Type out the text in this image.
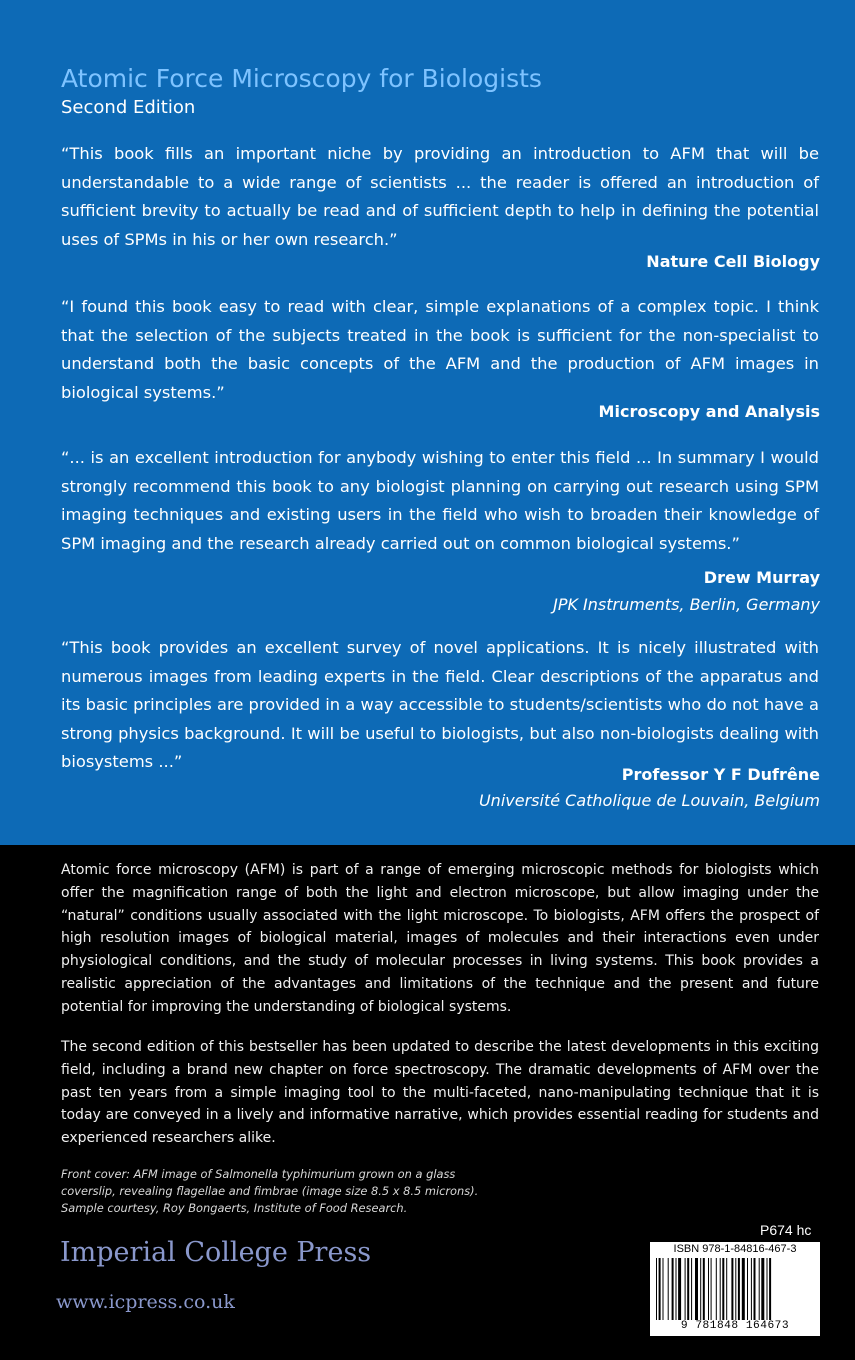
Atomic Force Microscopy for Biologists
Second Edition
“This book fills an important niche by providing an introduction to AFM that will be understandable to a wide range of scientists ... the reader is offered an introduction of sufficient brevity to actually be read and of sufficient depth to help in defining the potential uses of SPMs in his or her own research.”
Nature Cell Biology
“I found this book easy to read with clear, simple explanations of a complex topic. I think that the selection of the subjects treated in the book is sufficient for the non-specialist to understand both the basic concepts of the AFM and the production of AFM images in biological systems.”
Microscopy and Analysis
“... is an excellent introduction for anybody wishing to enter this field ... In summary I would strongly recommend this book to any biologist planning on carrying out research using SPM imaging techniques and existing users in the field who wish to broaden their knowledge of SPM imaging and the research already carried out on common biological systems.”
Drew Murray
JPK Instruments, Berlin, Germany
“This book provides an excellent survey of novel applications. It is nicely illustrated with numerous images from leading experts in the field. Clear descriptions of the apparatus and its basic principles are provided in a way accessible to students/scientists who do not have a strong physics background. It will be useful to biologists, but also non-biologists dealing with biosystems ...”
Professor Y F Dufrêne
Université Catholique de Louvain, Belgium
Atomic force microscopy (AFM) is part of a range of emerging microscopic methods for biologists which offer the magnification range of both the light and electron microscope, but allow imaging under the “natural” conditions usually associated with the light microscope. To biologists, AFM offers the prospect of high resolution images of biological material, images of molecules and their interactions even under physiological conditions, and the study of molecular processes in living systems. This book provides a realistic appreciation of the advantages and limitations of the technique and the present and future potential for improving the understanding of biological systems.
The second edition of this bestseller has been updated to describe the latest developments in this exciting field, including a brand new chapter on force spectroscopy. The dramatic developments of AFM over the past ten years from a simple imaging tool to the multi-faceted, nano-manipulating technique that it is today are conveyed in a lively and informative narrative, which provides essential reading for students and experienced researchers alike.
Front cover: AFM image of Salmonella typhimurium grown on a glass
coverslip, revealing flagellae and fimbrae (image size 8.5 x 8.5 microns).
Sample courtesy, Roy Bongaerts, Institute of Food Research.
Imperial College Press
www.icpress.co.uk
P674 hc
ISBN 978-1-84816-467-3
9 781848 164673
